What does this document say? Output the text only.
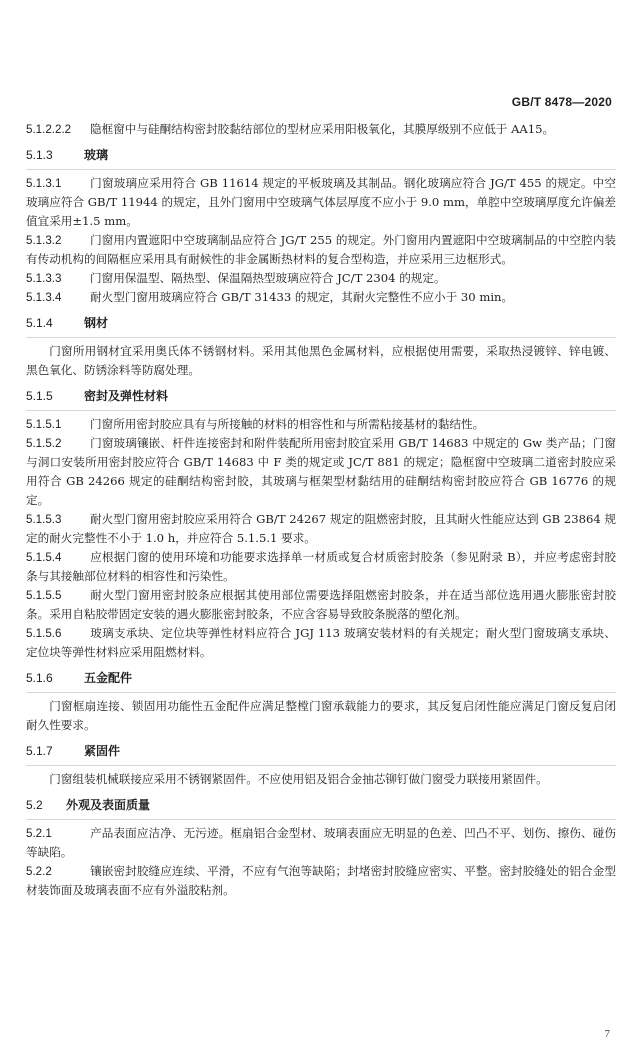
GB/T 8478—2020

5.1.2.2.2 隐框窗中与硅酮结构密封胶黏结部位的型材应采用阳极氧化，其膜厚级别不应低于 AA15。

5.1.3	玻璃

5.1.3.1 门窗玻璃应采用符合 GB 11614 规定的平板玻璃及其制品。钢化玻璃应符合 JG/T 455 的规定。中空玻璃应符合 GB/T 11944 的规定，且外门窗用中空玻璃气体层厚度不应小于 9.0 mm，单腔中空玻璃厚度允许偏差值宜采用±1.5 mm。

5.1.3.2 门窗用内置遮阳中空玻璃制品应符合 JG/T 255 的规定。外门窗用内置遮阳中空玻璃制品的中空腔内装有传动机构的间隔框应采用具有耐候性的非金属断热材料的复合型构造，并应采用三边框形式。

5.1.3.3 门窗用保温型、隔热型、保温隔热型玻璃应符合 JC/T 2304 的规定。

5.1.3.4 耐火型门窗用玻璃应符合 GB/T 31433 的规定，其耐火完整性不应小于 30 min。

5.1.4	钢材

门窗所用钢材宜采用奥氏体不锈钢材料。采用其他黑色金属材料，应根据使用需要，采取热浸镀锌、锌电镀、黑色氧化、防锈涂料等防腐处理。

5.1.5	密封及弹性材料

5.1.5.1 门窗所用密封胶应具有与所接触的材料的相容性和与所需粘接基材的黏结性。

5.1.5.2 门窗玻璃镶嵌、杆件连接密封和附件装配所用密封胶宜采用 GB/T 14683 中规定的 Gw 类产品；门窗与洞口安装所用密封胶应符合 GB/T 14683 中 F 类的规定或 JC/T 881 的规定；隐框窗中空玻璃二道密封胶应采用符合 GB 24266 规定的硅酮结构密封胶，其玻璃与框架型材黏结用的硅酮结构密封胶应符合 GB 16776 的规定。

5.1.5.3 耐火型门窗用密封胶应采用符合 GB/T 24267 规定的阻燃密封胶，且其耐火性能应达到 GB 23864 规定的耐火完整性不小于 1.0 h，并应符合 5.1.5.1 要求。

5.1.5.4 应根据门窗的使用环境和功能要求选择单一材质或复合材质密封胶条（参见附录 B），并应考虑密封胶条与其接触部位材料的相容性和污染性。

5.1.5.5 耐火型门窗用密封胶条应根据其使用部位需要选择阻燃密封胶条，并在适当部位选用遇火膨胀密封胶条。采用自粘胶带固定安装的遇火膨胀密封胶条，不应含容易导致胶条脱落的塑化剂。

5.1.5.6 玻璃支承块、定位块等弹性材料应符合 JGJ 113 玻璃安装材料的有关规定；耐火型门窗玻璃支承块、定位块等弹性材料应采用阻燃材料。

5.1.6	五金配件

门窗框扇连接、锁固用功能性五金配件应满足整樘门窗承载能力的要求，其反复启闭性能应满足门窗反复启闭耐久性要求。

5.1.7	紧固件

门窗组装机械联接应采用不锈钢紧固件。不应使用铝及铝合金抽芯铆钉做门窗受力联接用紧固件。

5.2 外观及表面质量

5.2.1	产品表面应洁净、无污迹。框扇铝合金型材、玻璃表面应无明显的色差、凹凸不平、划伤、擦伤、碰伤等缺陷。

5.2.2	镶嵌密封胶缝应连续、平滑，不应有气泡等缺陷；封堵密封胶缝应密实、平整。密封胶缝处的铝合金型材装饰面及玻璃表面不应有外溢胶粘剂。

7
